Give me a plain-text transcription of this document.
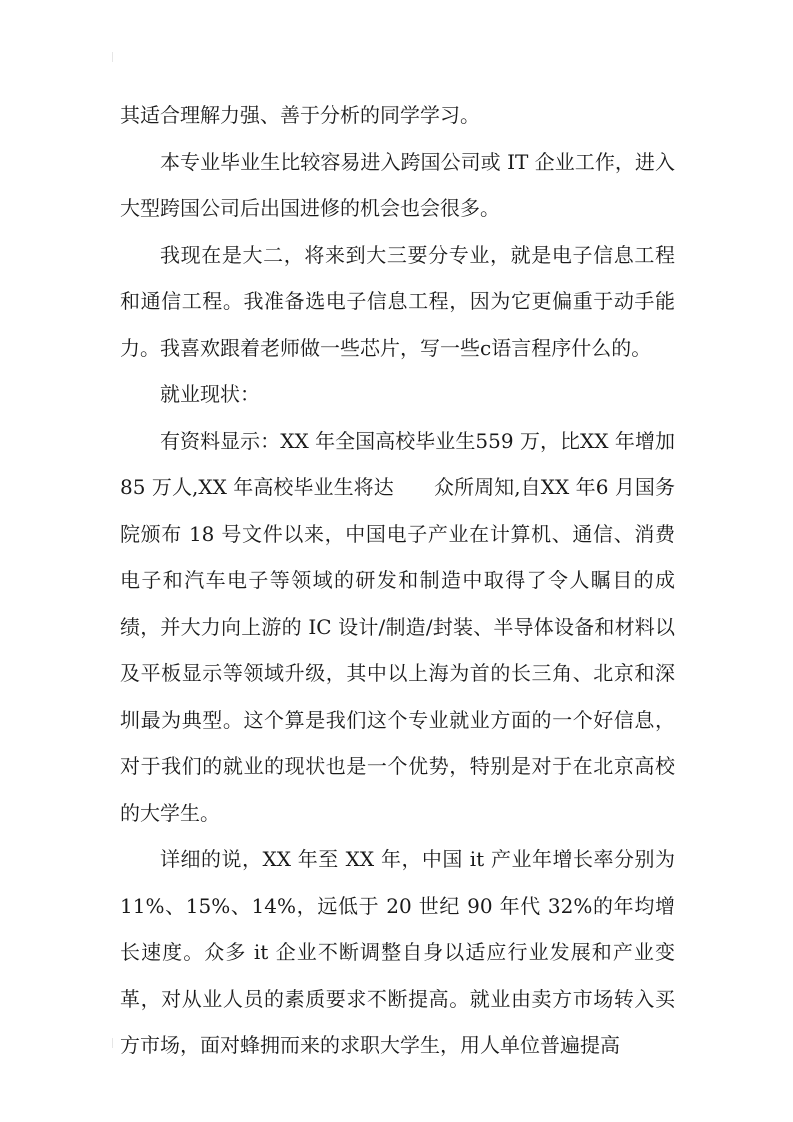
其适合理解力强、善于分析的同学学习。

本专业毕业生比较容易进入跨国公司或 IT 企业工作，进入大型跨国公司后出国进修的机会也会很多。

我现在是大二，将来到大三要分专业，就是电子信息工程和通信工程。我准备选电子信息工程，因为它更偏重于动手能力。我喜欢跟着老师做一些芯片，写一些c语言程序什么的。

就业现状：

有资料显示：XX 年全国高校毕业生559 万，比XX 年增加85 万人,XX 年高校毕业生将达　　众所周知,自XX 年6 月国务院颁布 18 号文件以来，中国电子产业在计算机、通信、消费电子和汽车电子等领域的研发和制造中取得了令人瞩目的成绩，并大力向上游的 IC 设计/制造/封装、半导体设备和材料以及平板显示等领域升级，其中以上海为首的长三角、北京和深圳最为典型。这个算是我们这个专业就业方面的一个好信息，对于我们的就业的现状也是一个优势，特别是对于在北京高校的大学生。

详细的说，XX 年至 XX 年，中国 it 产业年增长率分别为 11%、15%、14%，远低于 20 世纪 90 年代 32%的年均增长速度。众多 it 企业不断调整自身以适应行业发展和产业变革，对从业人员的素质要求不断提高。就业由卖方市场转入买方市场，面对蜂拥而来的求职大学生，用人单位普遍提高
